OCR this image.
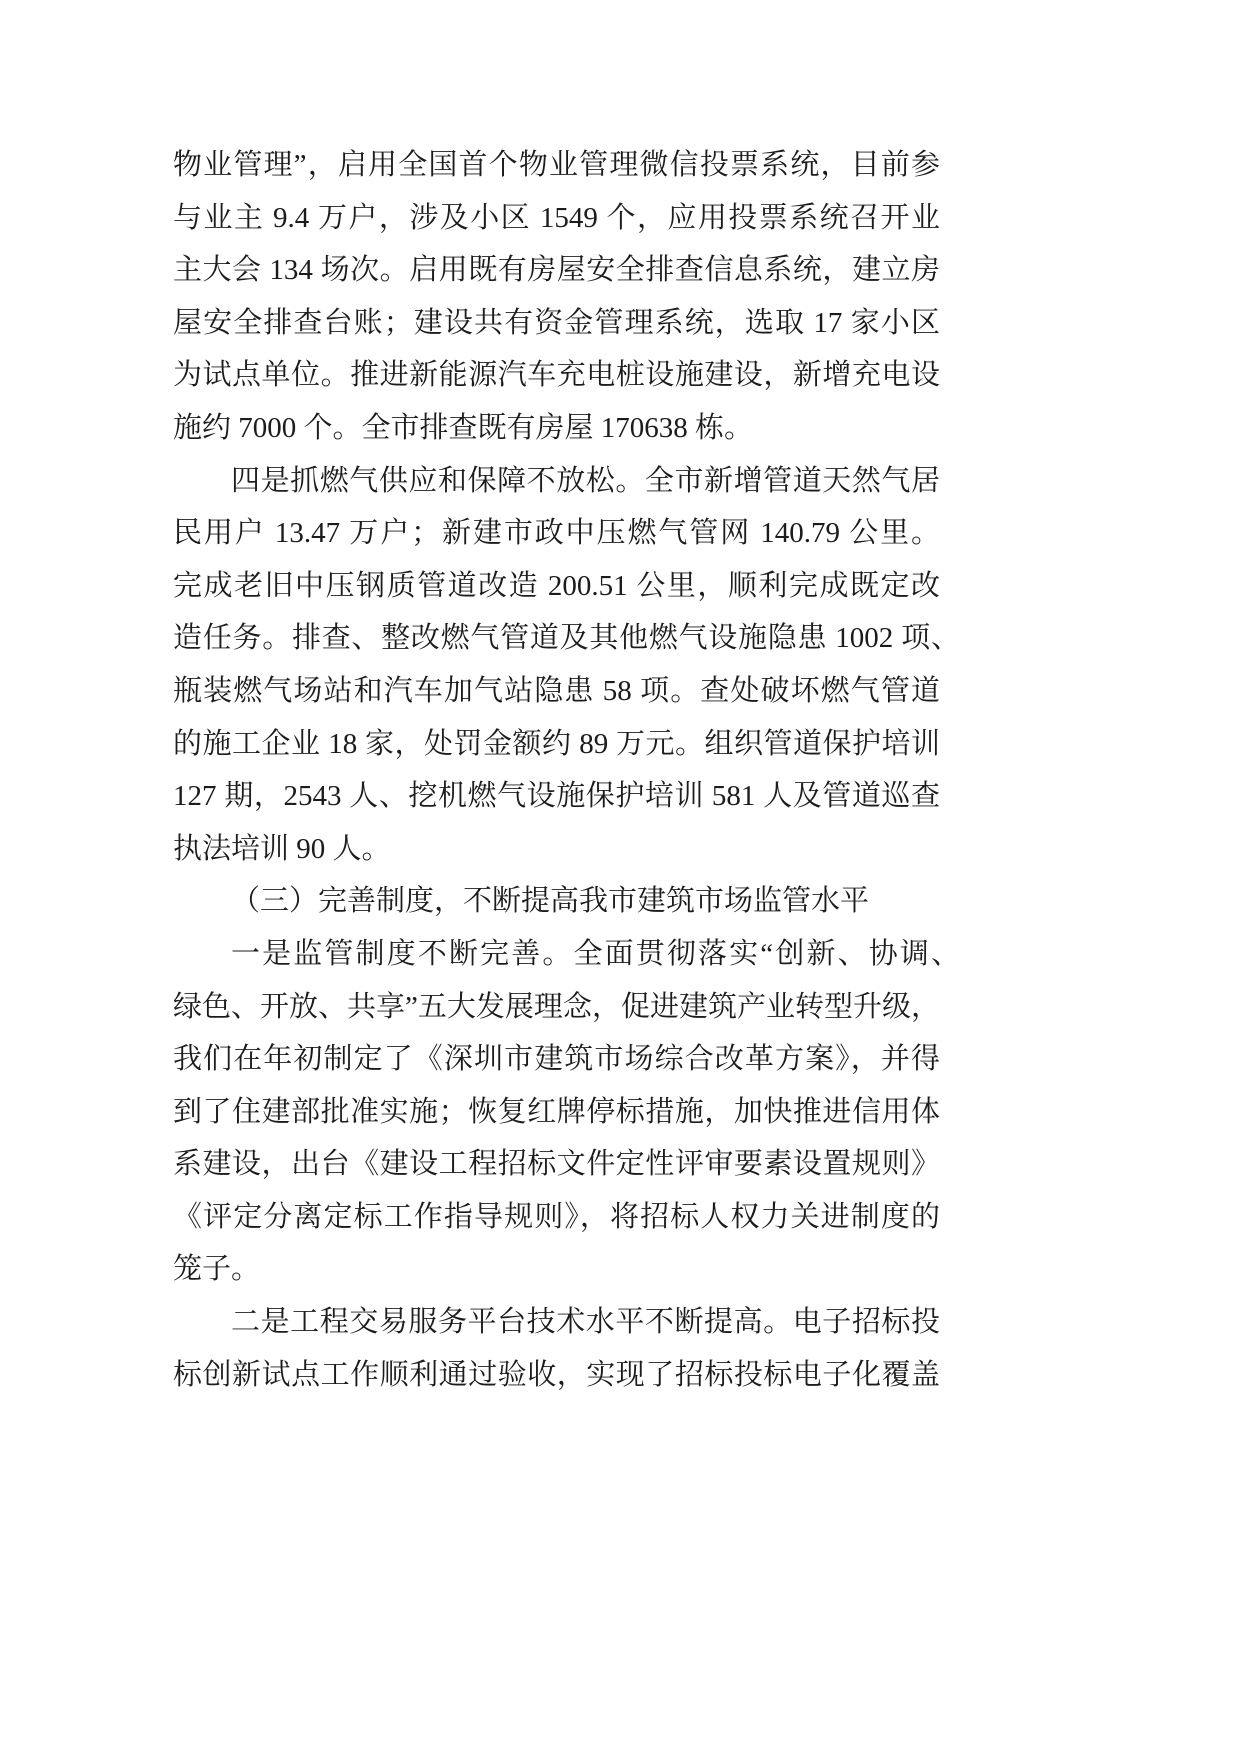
物业管理”，启用全国首个物业管理微信投票系统，目前参
与业主 9.4 万户，涉及小区 1549 个，应用投票系统召开业
主大会 134 场次。启用既有房屋安全排查信息系统，建立房
屋安全排查台账；建设共有资金管理系统，选取 17 家小区
为试点单位。推进新能源汽车充电桩设施建设，新增充电设
施约 7000 个。全市排查既有房屋 170638 栋。
四是抓燃气供应和保障不放松。全市新增管道天然气居
民用户 13.47 万户；新建市政中压燃气管网 140.79 公里。
完成老旧中压钢质管道改造 200.51 公里，顺利完成既定改
造任务。排查、整改燃气管道及其他燃气设施隐患 1002 项、
瓶装燃气场站和汽车加气站隐患 58 项。查处破坏燃气管道
的施工企业 18 家，处罚金额约 89 万元。组织管道保护培训
127 期，2543 人、挖机燃气设施保护培训 581 人及管道巡查
执法培训 90 人。
（三）完善制度，不断提高我市建筑市场监管水平
一是监管制度不断完善。全面贯彻落实“创新、协调、
绿色、开放、共享”五大发展理念，促进建筑产业转型升级，
我们在年初制定了《深圳市建筑市场综合改革方案》，并得
到了住建部批准实施；恢复红牌停标措施，加快推进信用体
系建设，出台《建设工程招标文件定性评审要素设置规则》
《评定分离定标工作指导规则》，将招标人权力关进制度的
笼子。
二是工程交易服务平台技术水平不断提高。电子招标投
标创新试点工作顺利通过验收，实现了招标投标电子化覆盖
